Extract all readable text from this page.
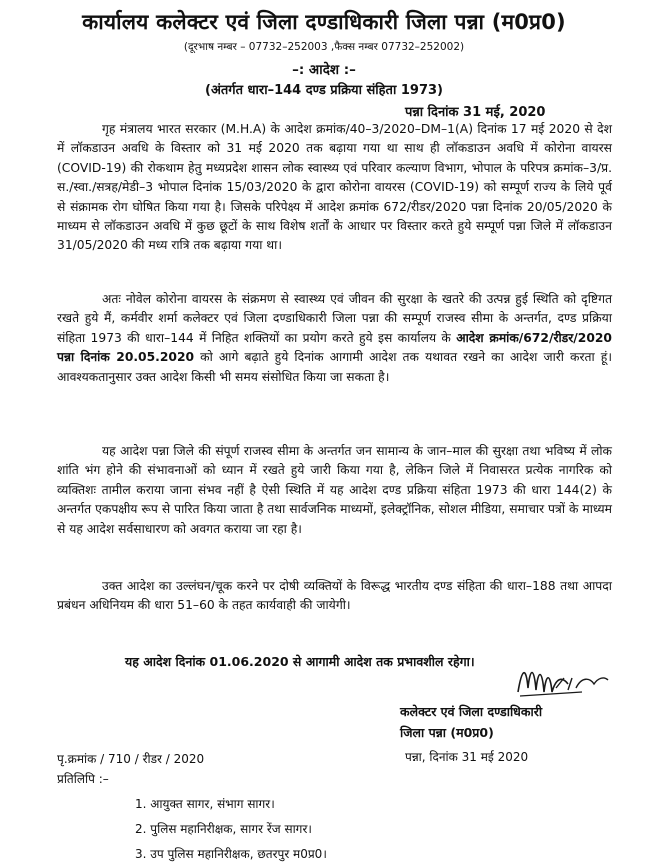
कार्यालय कलेक्टर एवं जिला दण्डाधिकारी जिला पन्ना (म0प्र0)
(दूरभाष नम्बर – 07732–252003 ,फैक्स नम्बर 07732–252002)
–: आदेश :–
(अंतर्गत धारा–144 दण्ड प्रक्रिया संहिता 1973)
पन्ना दिनांक 31 मई, 2020

गृह मंत्रालय भारत सरकार (M.H.A) के आदेश क्रमांक/40–3/2020–DM–1(A) दिनांक 17 मई 2020 से देश में लॉकडाउन अवधि के विस्तार को 31 मई 2020 तक बढ़ाया गया था साथ ही लॉकडाउन अवधि में कोरोना वायरस (COVID-19) की रोकथाम हेतु मध्यप्रदेश शासन लोक स्वास्थ्य एवं परिवार कल्याण विभाग, भोपाल के परिपत्र क्रमांक–3/प्र. स./स्वा./सत्रह/मेडी–3 भोपाल दिनांक 15/03/2020 के द्वारा कोरोना वायरस (COVID-19) को सम्पूर्ण राज्य के लिये पूर्व से संक्रामक रोग घोषित किया गया है। जिसके परिपेक्ष्य में आदेश क्रमांक 672/रीडर/2020 पन्ना दिनांक 20/05/2020 के माध्यम से लॉकडाउन अवधि में कुछ छूटों के साथ विशेष शर्तों के आधार पर विस्तार करते हुये सम्पूर्ण पन्ना जिले में लॉकडाउन 31/05/2020 की मध्य रात्रि तक बढ़ाया गया था।

अतः नोवेल कोरोना वायरस के संक्रमण से स्वास्थ्य एवं जीवन की सुरक्षा के खतरे की उत्पन्न हुई स्थिति को दृष्टिगत रखते हुये मैं, कर्मवीर शर्मा कलेक्टर एवं जिला दण्डाधिकारी जिला पन्ना की सम्पूर्ण राजस्व सीमा के अन्तर्गत, दण्ड प्रक्रिया संहिता 1973 की धारा–144 में निहित शक्तियों का प्रयोग करते हुये इस कार्यालय के आदेश क्रमांक/672/रीडर/2020 पन्ना दिनांक 20.05.2020 को आगे बढ़ाते हुये दिनांक आगामी आदेश तक यथावत रखने का आदेश जारी करता हूं। आवश्यकतानुसार उक्त आदेश किसी भी समय संसोधित किया जा सकता है।

यह आदेश पन्ना जिले की संपूर्ण राजस्व सीमा के अन्तर्गत जन सामान्य के जान–माल की सुरक्षा तथा भविष्य में लोक शांति भंग होने की संभावनाओं को ध्यान में रखते हुये जारी किया गया है, लेकिन जिले में निवासरत प्रत्येक नागरिक को व्यक्तिशः तामील कराया जाना संभव नहीं है ऐसी स्थिति में यह आदेश दण्ड प्रक्रिया संहिता 1973 की धारा 144(2) के अन्तर्गत एकपक्षीय रूप से पारित किया जाता है तथा सार्वजनिक माध्यमों, इलेक्ट्रॉनिक, सोशल मीडिया, समाचार पत्रों के माध्यम से यह आदेश सर्वसाधारण को अवगत कराया जा रहा है।

उक्त आदेश का उल्लंघन/चूक करने पर दोषी व्यक्तियों के विरूद्ध भारतीय दण्ड संहिता की धारा–188 तथा आपदा प्रबंधन अधिनियम की धारा 51–60 के तहत कार्यवाही की जायेगी।

यह आदेश दिनांक 01.06.2020 से आगामी आदेश तक प्रभावशील रहेगा।
कलेक्टर एवं जिला दण्डाधिकारी
जिला पन्ना (म0प्र0)
पन्ना, दिनांक 31 मई 2020
पृ.क्रमांक / 710 / रीडर / 2020
प्रतिलिपि :–
1. आयुक्त सागर, संभाग सागर।
2. पुलिस महानिरीक्षक, सागर रेंज सागर।
3. उप पुलिस महानिरीक्षक, छतरपुर म0प्र0।
